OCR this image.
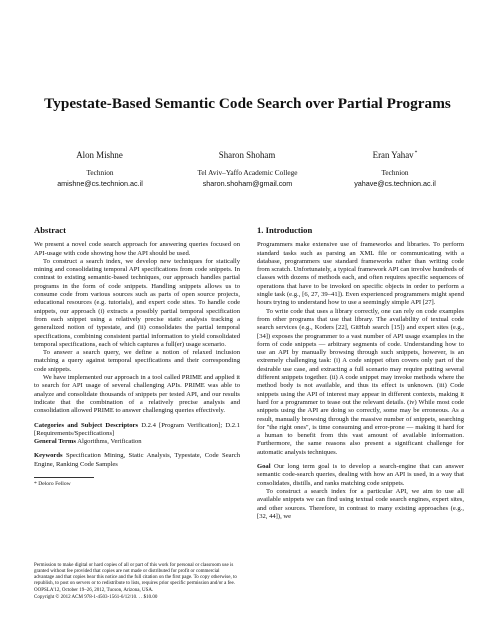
Typestate-Based Semantic Code Search over Partial Programs
Alon Mishne
Technion
amishne@cs.technion.ac.il
Sharon Shoham
Tel Aviv–Yaffo Academic College
sharon.shoham@gmail.com
Eran Yahav*
Technion
yahave@cs.technion.ac.il
Abstract

We present a novel code search approach for answering queries focused on API-usage with code showing how the API should be used.

To construct a search index, we develop new techniques for statically mining and consolidating temporal API specifications from code snippets. In contrast to existing semantic-based techniques, our approach handles partial programs in the form of code snippets. Handling snippets allows us to consume code from various sources such as parts of open source projects, educational resources (e.g. tutorials), and expert code sites. To handle code snippets, our approach (i) extracts a possibly partial temporal specification from each snippet using a relatively precise static analysis tracking a generalized notion of typestate, and (ii) consolidates the partial temporal specifications, combining consistent partial information to yield consolidated temporal specifications, each of which captures a full(er) usage scenario.

To answer a search query, we define a notion of relaxed inclusion matching a query against temporal specifications and their corresponding code snippets.

We have implemented our approach in a tool called PRIME and applied it to search for API usage of several challenging APIs. PRIME was able to analyze and consolidate thousands of snippets per tested API, and our results indicate that the combination of a relatively precise analysis and consolidation allowed PRIME to answer challenging queries effectively.

Categories and Subject Descriptors D.2.4 [Program Verification]; D.2.1 [Requirements/Specifications]
General Terms Algorithms, Verification
Keywords Specification Mining, Static Analysis, Typestate, Code Search Engine, Ranking Code Samples
* Deloro Fellow

Permission to make digital or hard copies of all or part of this work for personal or classroom use is granted without fee provided that copies are not made or distributed for profit or commercial advantage and that copies bear this notice and the full citation on the first page. To copy otherwise, to republish, to post on servers or to redistribute to lists, requires prior specific permission and/or a fee.

OOPSLA'12, October 19–26, 2012, Tucson, Arizona, USA.

Copyright © 2012 ACM 978-1-4503-1561-6/12/10. . . $10.00

1. Introduction

Programmers make extensive use of frameworks and libraries. To perform standard tasks such as parsing an XML file or communicating with a database, programmers use standard frameworks rather than writing code from scratch. Unfortunately, a typical framework API can involve hundreds of classes with dozens of methods each, and often requires specific sequences of operations that have to be invoked on specific objects in order to perform a single task (e.g., [6, 27, 39–41]). Even experienced programmers might spend hours trying to understand how to use a seemingly simple API [27].

To write code that uses a library correctly, one can rely on code examples from other programs that use that library. The availability of textual code search services (e.g., Koders [22], GitHub search [15]) and expert sites (e.g., [34]) exposes the programmer to a vast number of API usage examples in the form of code snippets — arbitrary segments of code. Understanding how to use an API by manually browsing through such snippets, however, is an extremely challenging task: (i) A code snippet often covers only part of the desirable use case, and extracting a full scenario may require putting several different snippets together. (ii) A code snippet may invoke methods where the method body is not available, and thus its effect is unknown. (iii) Code snippets using the API of interest may appear in different contexts, making it hard for a programmer to tease out the relevant details. (iv) While most code snippets using the API are doing so correctly, some may be erroneous. As a result, manually browsing through the massive number of snippets, searching for "the right ones", is time consuming and error-prone — making it hard for a human to benefit from this vast amount of available information. Furthermore, the same reasons also present a significant challenge for automatic analysis techniques.

Goal Our long term goal is to develop a search-engine that can answer semantic code-search queries, dealing with how an API is used, in a way that consolidates, distills, and ranks matching code snippets.

To construct a search index for a particular API, we aim to use all available snippets we can find using textual code search engines, expert sites, and other sources. Therefore, in contrast to many existing approaches (e.g., [32, 44]), we
